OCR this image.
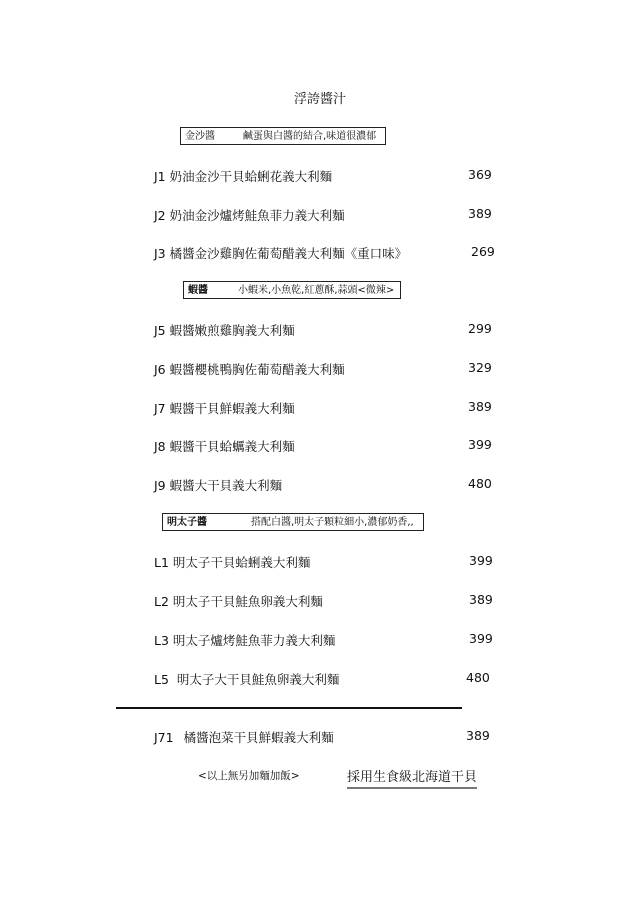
浮誇醬汁
金沙醬	鹹蛋與白醬的結合,味道很濃郁
J1 奶油金沙干貝蛤蜊花義大利麵	369
J2 奶油金沙爐烤鮭魚菲力義大利麵	389
J3 橘醬金沙雞胸佐葡萄醋義大利麵《重口味》	269
蝦醬	小蝦米,小魚乾,紅蔥酥,蒜頭<微辣>
J5 蝦醬嫩煎雞胸義大利麵	299
J6 蝦醬櫻桃鴨胸佐葡萄醋義大利麵	329
J7 蝦醬干貝鮮蝦義大利麵	389
J8 蝦醬干貝蛤蠣義大利麵	399
J9 蝦醬大干貝義大利麵	480
明太子醬	搭配白醬,明太子顆粒細小,濃郁奶香,,
L1 明太子干貝蛤蜊義大利麵	399
L2 明太子干貝鮭魚卵義大利麵	389
L3 明太子爐烤鮭魚菲力義大利麵	399
L5 明太子大干貝鮭魚卵義大利麵	480
J71 橘醬泡菜干貝鮮蝦義大利麵	389
<以上無另加麵加飯>	採用生食級北海道干貝
